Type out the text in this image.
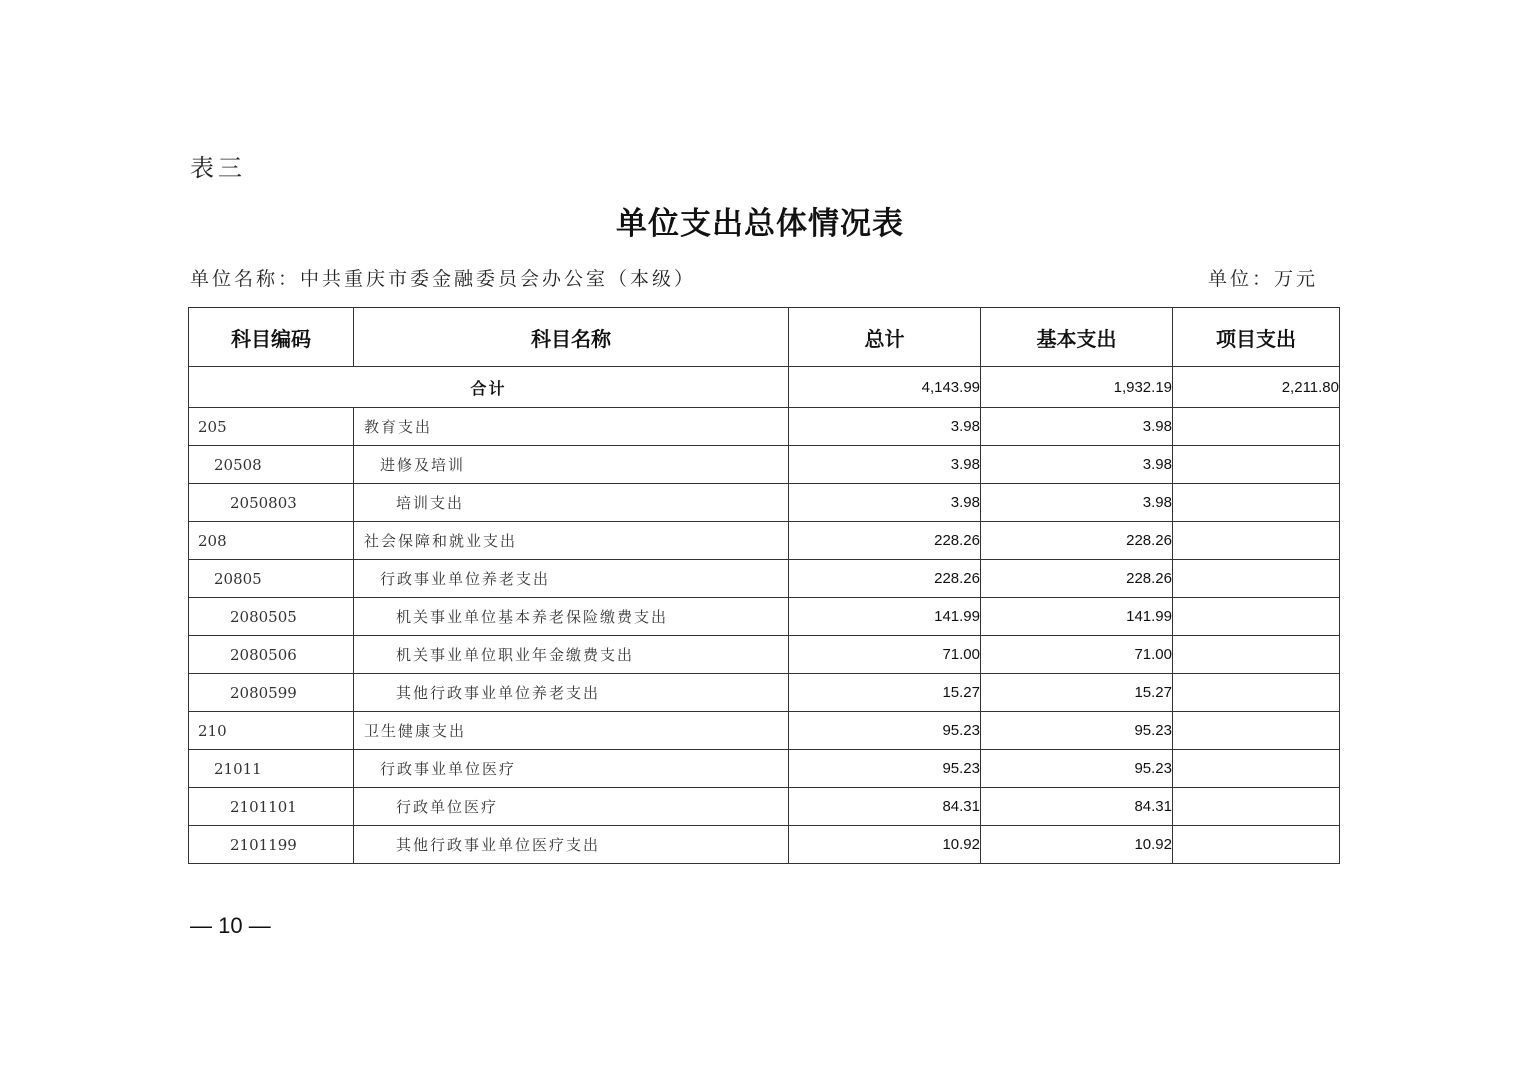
表三
单位支出总体情况表
单位名称：中共重庆市委金融委员会办公室（本级）	单位：万元
科目编码	科目名称	总计	基本支出	项目支出
合计		4,143.99	1,932.19	2,211.80
205	教育支出	3.98	3.98	
20508	进修及培训	3.98	3.98	
2050803	培训支出	3.98	3.98	
208	社会保障和就业支出	228.26	228.26	
20805	行政事业单位养老支出	228.26	228.26	
2080505	机关事业单位基本养老保险缴费支出	141.99	141.99	
2080506	机关事业单位职业年金缴费支出	71.00	71.00	
2080599	其他行政事业单位养老支出	15.27	15.27	
210	卫生健康支出	95.23	95.23	
21011	行政事业单位医疗	95.23	95.23	
2101101	行政单位医疗	84.31	84.31	
2101199	其他行政事业单位医疗支出	10.92	10.92	
— 10 —
